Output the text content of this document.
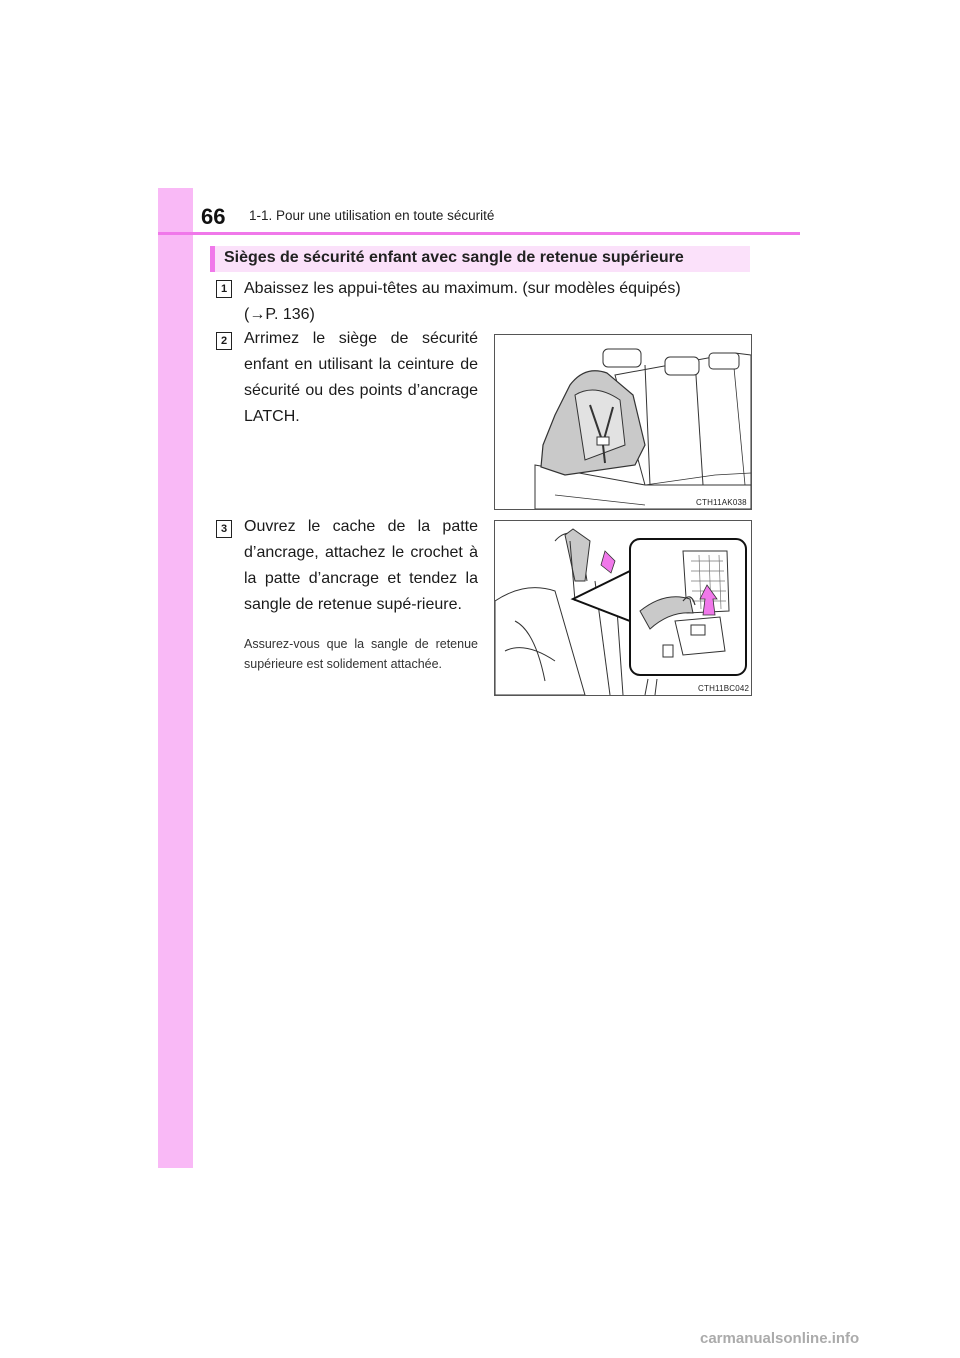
66 1-1. Pour une utilisation en toute sécurité
Sièges de sécurité enfant avec sangle de retenue supérieure
1	Abaissez les appui-têtes au maximum. (sur modèles équipés)
(→P. 136)
2	Arrimez le siège de sécurité enfant en utilisant la ceinture de sécurité ou des points d’ancrage LATCH.
CTH11AK038
3	Ouvrez le cache de la patte d’ancrage, attachez le crochet à la patte d’ancrage et tendez la sangle de retenue supé-rieure.
Assurez-vous que la sangle de retenue supérieure est solidement attachée.
CTH11BC042
carmanualsonline.info
